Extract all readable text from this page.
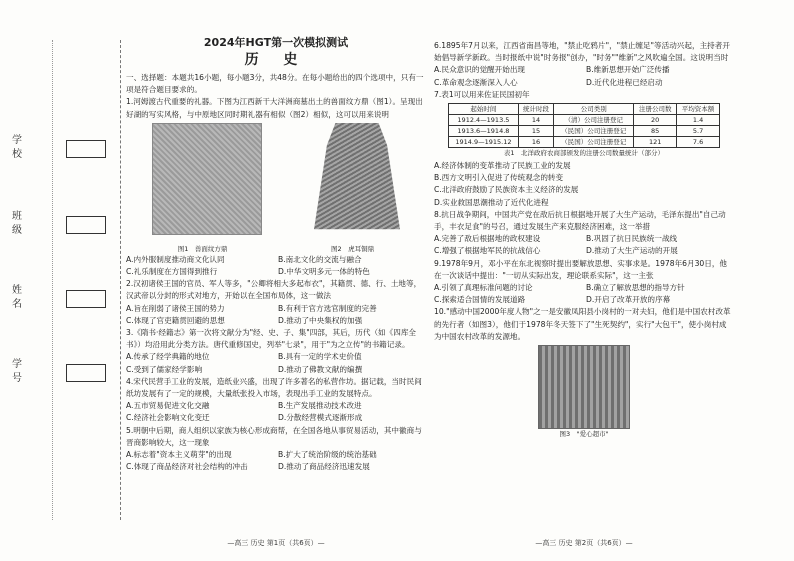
学校
班级
姓名
学号
2024年HGT第一次模拟测试
历 史
一、选择题：本题共16小题，每小题3分，共48分。在每小题给出的四个选项中，只有一项是符合题目要求的。
1.河姆渡古代重要的礼器。下图为江西新干大洋洲商墓出土的兽面纹方鼎（图1）。呈现出好湖的写实风格，与中原地区同时期礼器有相似（图2）相似，这可以用来说明
图1　兽面纹方鼎	图2　虎耳铜鼎
A.内外服制度推动商文化认同	B.南北文化的交流与融合
C.礼乐制度在方国得到推行	D.中华文明多元一体的特色
2.汉初诸侯王国的官员、军人等多，"公卿将相大多起布衣"，其籍贯、德、行、土地等，汉武帝以分封的形式对地方，开始以在全国布局体，这一做法
A.旨在削弱了诸侯王国的势力	B.有利于官方选官制度的完善
C.体现了官吏籍贯回避的思想	D.推动了中央集权的加强
3.《隋书·经籍志》第一次将文献分为"经、史、子、集"四部，其后，历代（如《四库全书》）均沿用此分类方法。唐代重修国史，列举"七录"，用于"为之立传"的书籍记录。
A.传承了经学典籍的地位	B.具有一定的学术史价值
C.受到了儒家经学影响	D.推动了佛教文献的编撰
4.宋代民营手工业的发展，造纸业兴盛，出现了许多著名的私营作坊。据记载，当时民间纸坊发展有了一定的规模，大量纸张投入市场，表现出手工业的发展特点。
A.五市贸易促进文化交融	B.生产发展推动技术改进
C.经济社会影响文化变迁	D.分散经营模式逐渐形成
5.明朝中后期，商人组织以家族为核心形成商帮，在全国各地从事贸易活动，其中徽商与晋商影响较大，这一现象
A.标志着"资本主义萌芽"的出现	B.扩大了统治阶级的统治基础
C.体现了商品经济对社会结构的冲击	D.推动了商品经济迅速发展
—高三 历史 第1页（共6页）—
6.1895年7月以来，江西省南昌等地，"禁止吃鸦片"，"禁止缠足"等活动兴起，主持者开始倡导新学新政。当时报纸中说"时务报"创办，"时务""维新"之风吹遍全国。这说明当时
A.民众意识的觉醒开始出现	B.维新思想开始广泛传播
C.革命观念逐渐深入人心	D.近代化进程已经启动
7.表1可以用来佐证民国初年
起始时间	统计时段	公司类别	注册公司数	平均资本额
1912.4—1913.5	14	（清）公司注册登记	20	1.4
1913.6—1914.8	15	（民国）公司注册登记	85	5.7
1914.9—1915.12	16	（民国）公司注册登记	121	7.6
表1　北洋政府农商部颁发的注册公司数量统计（部分）
A.经济体制的变革推动了民族工业的发展
B.西方文明引入促进了传统观念的转变
C.北洋政府鼓励了民族资本主义经济的发展
D.实业救国思潮推动了近代化进程
8.抗日战争期间，中国共产党在敌后抗日根据地开展了大生产运动，毛泽东提出"自己动手，丰衣足食"的号召，通过发展生产来克服经济困难，这一举措
A.完善了敌后根据地的政权建设	B.巩固了抗日民族统一战线
C.增强了根据地军民的抗战信心	D.推动了大生产运动的开展
9.1978年9月，邓小平在东北视察时提出要解放思想、实事求是。1978年6月30日，他在一次谈话中提出："一切从实际出发，理论联系实际"，这一主张
A.引领了真理标准问题的讨论	B.确立了解放思想的指导方针
C.探索适合国情的发展道路	D.开启了改革开放的序幕
10."感动中国2000年度人物"之一是安徽凤阳县小岗村的一对夫妇，他们是中国农村改革的先行者（如图3），他们于1978年冬天签下了"生死契约"，实行"大包干"，使小岗村成为中国农村改革的发源地。
图3　"爱心超市"
—高三 历史 第2页（共6页）—
